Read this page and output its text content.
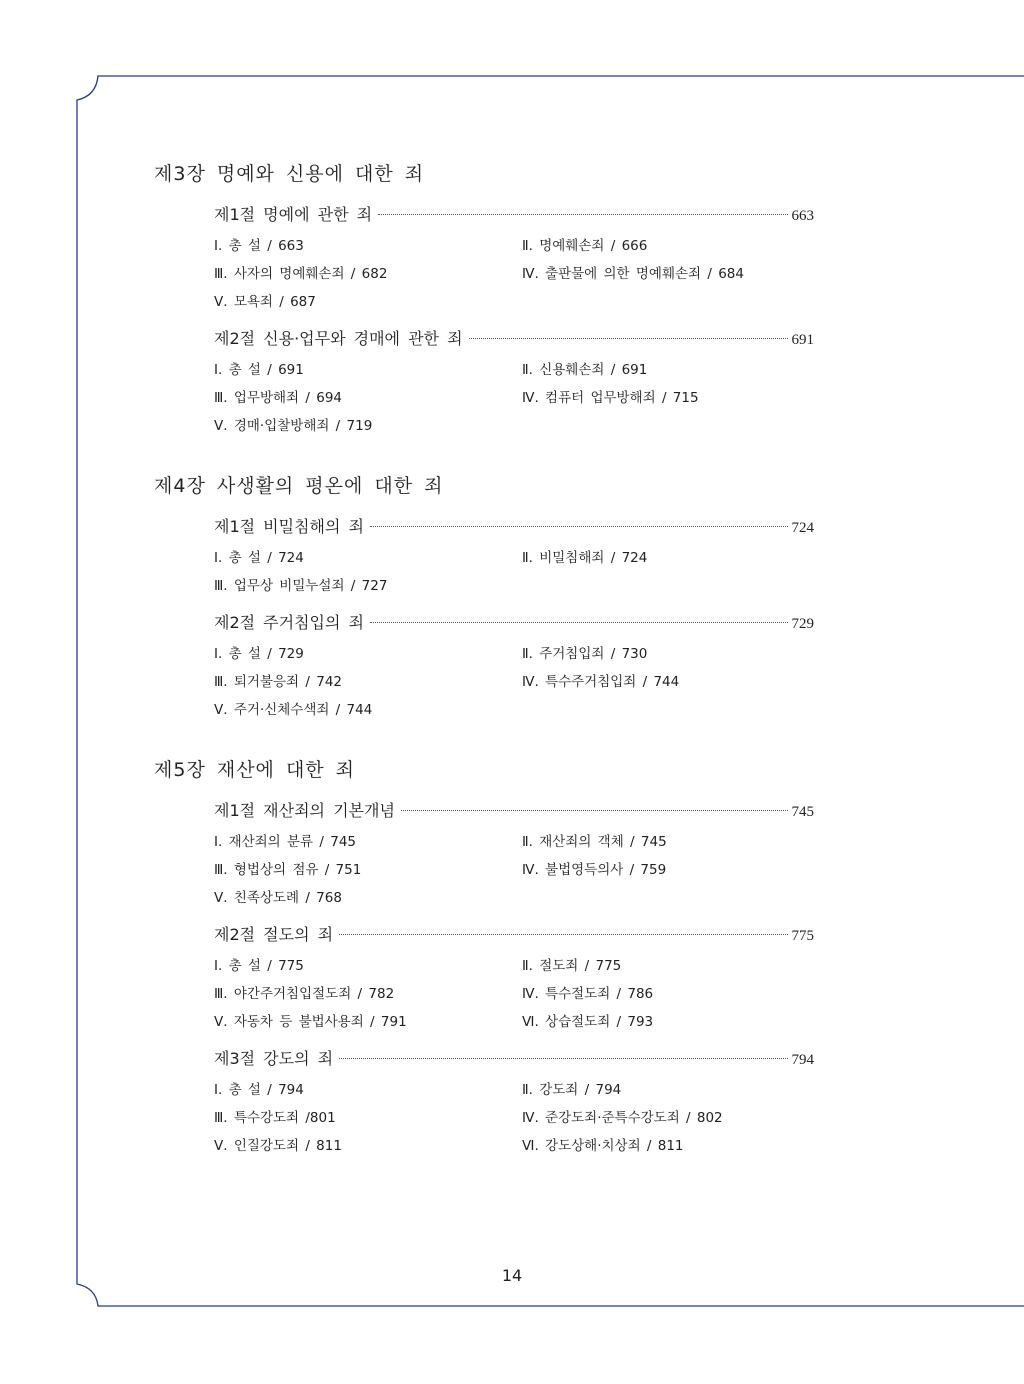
제3장 명예와 신용에 대한 죄
제1절 명예에 관한 죄	663
Ⅰ. 총 설 / 663	Ⅱ. 명예훼손죄 / 666
Ⅲ. 사자의 명예훼손죄 / 682	Ⅳ. 출판물에 의한 명예훼손죄 / 684
Ⅴ. 모욕죄 / 687
제2절 신용·업무와 경매에 관한 죄	691
Ⅰ. 총 설 / 691	Ⅱ. 신용훼손죄 / 691
Ⅲ. 업무방해죄 / 694	Ⅳ. 컴퓨터 업무방해죄 / 715
Ⅴ. 경매·입찰방해죄 / 719
제4장 사생활의 평온에 대한 죄
제1절 비밀침해의 죄	724
Ⅰ. 총 설 / 724	Ⅱ. 비밀침해죄 / 724
Ⅲ. 업무상 비밀누설죄 / 727
제2절 주거침입의 죄	729
Ⅰ. 총 설 / 729	Ⅱ. 주거침입죄 / 730
Ⅲ. 퇴거불응죄 / 742	Ⅳ. 특수주거침입죄 / 744
Ⅴ. 주거·신체수색죄 / 744
제5장 재산에 대한 죄
제1절 재산죄의 기본개념	745
Ⅰ. 재산죄의 분류 / 745	Ⅱ. 재산죄의 객체 / 745
Ⅲ. 형법상의 점유 / 751	Ⅳ. 불법영득의사 / 759
Ⅴ. 친족상도례 / 768
제2절 절도의 죄	775
Ⅰ. 총 설 / 775	Ⅱ. 절도죄 / 775
Ⅲ. 야간주거침입절도죄 / 782	Ⅳ. 특수절도죄 / 786
Ⅴ. 자동차 등 불법사용죄 / 791	Ⅵ. 상습절도죄 / 793
제3절 강도의 죄	794
Ⅰ. 총 설 / 794	Ⅱ. 강도죄 / 794
Ⅲ. 특수강도죄 /801	Ⅳ. 준강도죄·준특수강도죄 / 802
Ⅴ. 인질강도죄 / 811	Ⅵ. 강도상해·치상죄 / 811
14
